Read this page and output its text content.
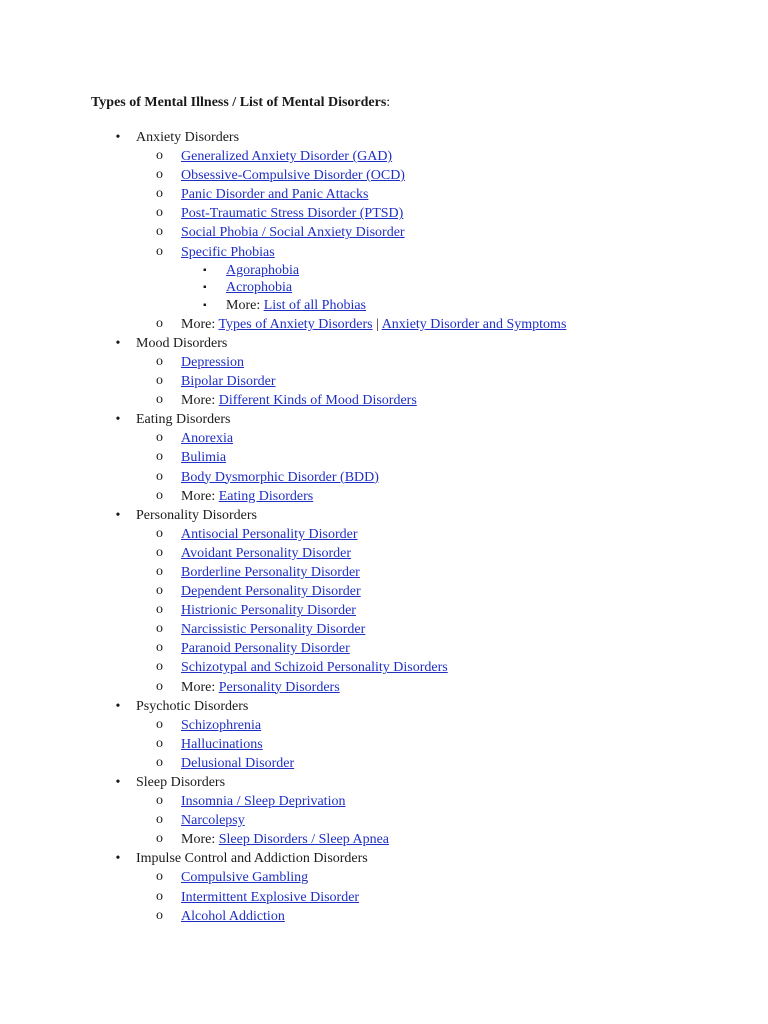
Types of Mental Illness / List of Mental Disorders:

• Anxiety Disorders
o	Generalized Anxiety Disorder (GAD)
o	Obsessive-Compulsive Disorder (OCD)
o	Panic Disorder and Panic Attacks
o	Post-Traumatic Stress Disorder (PTSD)
o	Social Phobia / Social Anxiety Disorder
o	Specific Phobias
▪	Agoraphobia
▪	Acrophobia
▪	More: List of all Phobias
o	More: Types of Anxiety Disorders | Anxiety Disorder and Symptoms
• Mood Disorders
o	Depression
o	Bipolar Disorder
o	More: Different Kinds of Mood Disorders
• Eating Disorders
o	Anorexia
o	Bulimia
o	Body Dysmorphic Disorder (BDD)
o	More: Eating Disorders
• Personality Disorders
o	Antisocial Personality Disorder
o	Avoidant Personality Disorder
o	Borderline Personality Disorder
o	Dependent Personality Disorder
o	Histrionic Personality Disorder
o	Narcissistic Personality Disorder
o	Paranoid Personality Disorder
o	Schizotypal and Schizoid Personality Disorders
o	More: Personality Disorders
• Psychotic Disorders
o	Schizophrenia
o	Hallucinations
o	Delusional Disorder
• Sleep Disorders
o	Insomnia / Sleep Deprivation
o	Narcolepsy
o	More: Sleep Disorders / Sleep Apnea
• Impulse Control and Addiction Disorders
o	Compulsive Gambling
o	Intermittent Explosive Disorder
o	Alcohol Addiction
